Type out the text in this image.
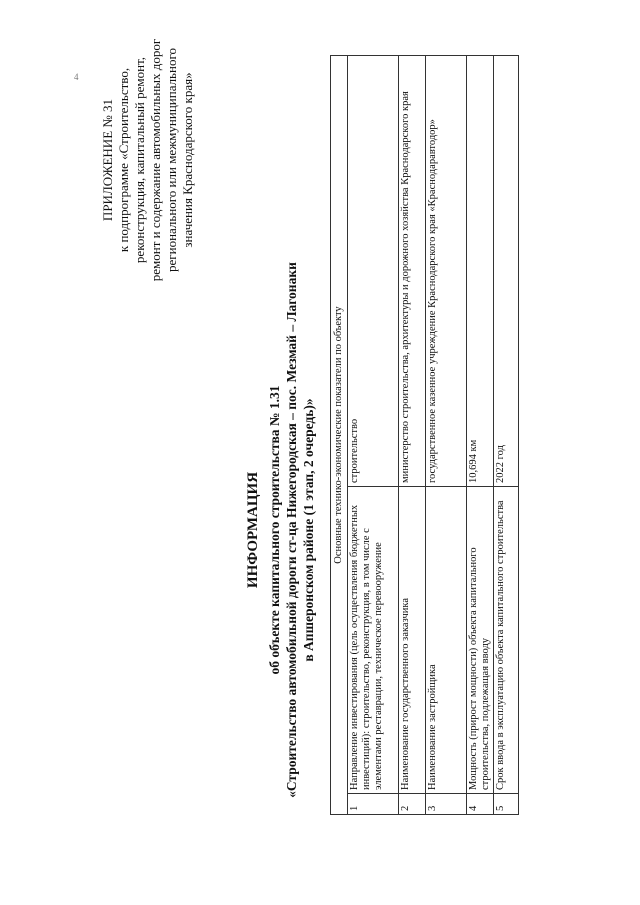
4
ПРИЛОЖЕНИЕ № 31 к подпрограмме «Строительство, реконструкция, капитальный ремонт, ремонт и содержание автомобильных дорог регионального или межмуниципального значения Краснодарского края»
ИНФОРМАЦИЯ об объекте капитального строительства № 1.31 «Строительство автомобильной дороги ст-ца Нижегородская – пос. Мезмай – Лагонаки в Апшеронском районе (1 этап, 2 очередь)» Основные технико-экономические показатели по объекту		
1	Направление инвестирования (цель осуществления бюджетных инвестиций): строительство, реконструкция, в том числе с элементами реставрации, техническое перевооружение	строительство
2	Наименование государственного заказчика	министерство строительства, архитектуры и дорожного хозяйства Краснодарского края
3	Наименование застройщика	государственное казенное учреждение Краснодарского края «Краснодаравтодор»
4	Мощность (прирост мощности) объекта капитального строительства, подлежащая вводу	10,694 км
5	Срок ввода в эксплуатацию объекта капитального строительства	2022 год
